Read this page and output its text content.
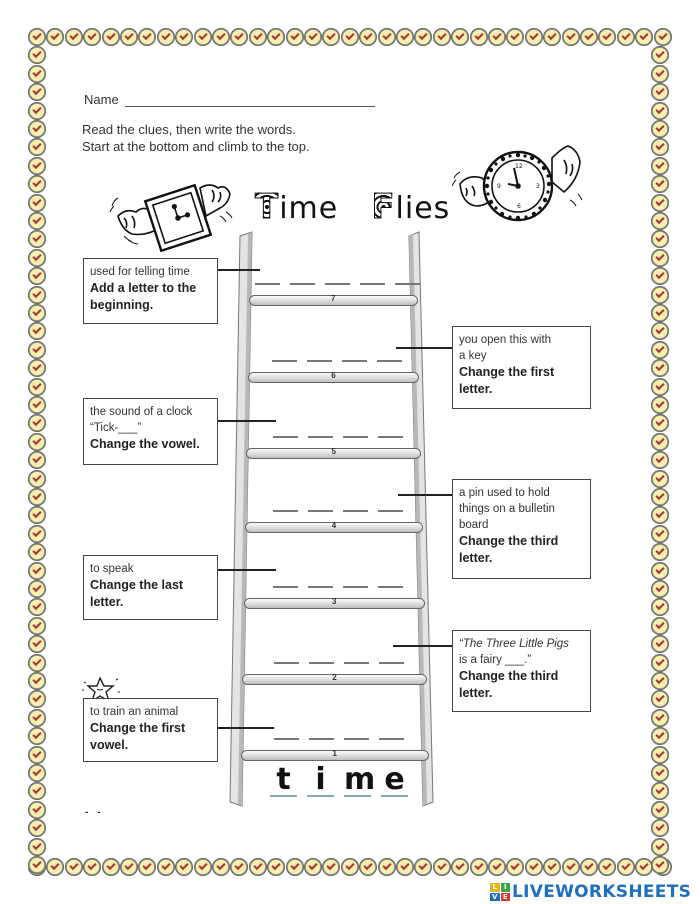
Name
Read the clues, then write the words.
Start at the bottom and climb to the top.
Time Flies
12
3
6
9
7
6
5
4
3
2
1
used for telling time
Add a letter to the
beginning.
you open this with
a key
Change the first
letter.
the sound of a clock
“Tick-___”
Change the vowel.
a pin used to hold
things on a bulletin
board
Change the third
letter.
to speak
Change the last
letter.
“The Three Little Pigs
is a fairy ___.”
Change the third
letter.
to train an animal
Change the first
vowel.
t i m e
- -
L I
V E LIVEWORKSHEETS
